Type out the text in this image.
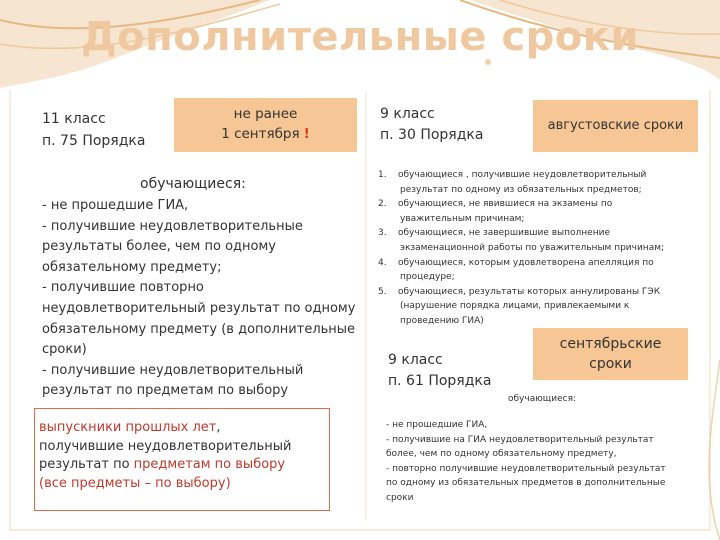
Дополнительные сроки
11 класс
п. 75 Порядка
не ранее
1 сентября !
обучающиеся:
- не прошедшие ГИА,
- получившие неудовлетворительные
результаты более, чем по одному
обязательному предмету;
- получившие повторно
неудовлетворительный результат по одному
обязательному предмету (в дополнительные
сроки)
- получившие неудовлетворительный
результат по предметам по выбору
выпускники прошлых лет,
получившие неудовлетворительный
результат по предметам по выбору
(все предметы – по выбору)
9 класс
п. 30 Порядка
августовские сроки
1. обучающиеся , получившие неудовлетворительный
результат по одному из обязательных предметов;
2. обучающиеся, не явившиеся на экзамены по
уважительным причинам;
3. обучающиеся, не завершившие выполнение
экзаменационной работы по уважительным причинам;
4. обучающиеся, которым удовлетворена апелляция по
процедуре;
5. обучающиеся, результаты которых аннулированы ГЭК
(нарушение порядка лицами, привлекаемыми к
проведению ГИА)
9 класс
п. 61 Порядка
сентябрьские
сроки
обучающиеся:
- не прошедшие ГИА,
- получившие на ГИА неудовлетворительный результат
более, чем по одному обязательному предмету,
- повторно получившие неудовлетворительный результат
по одному из обязательных предметов в дополнительные
сроки
